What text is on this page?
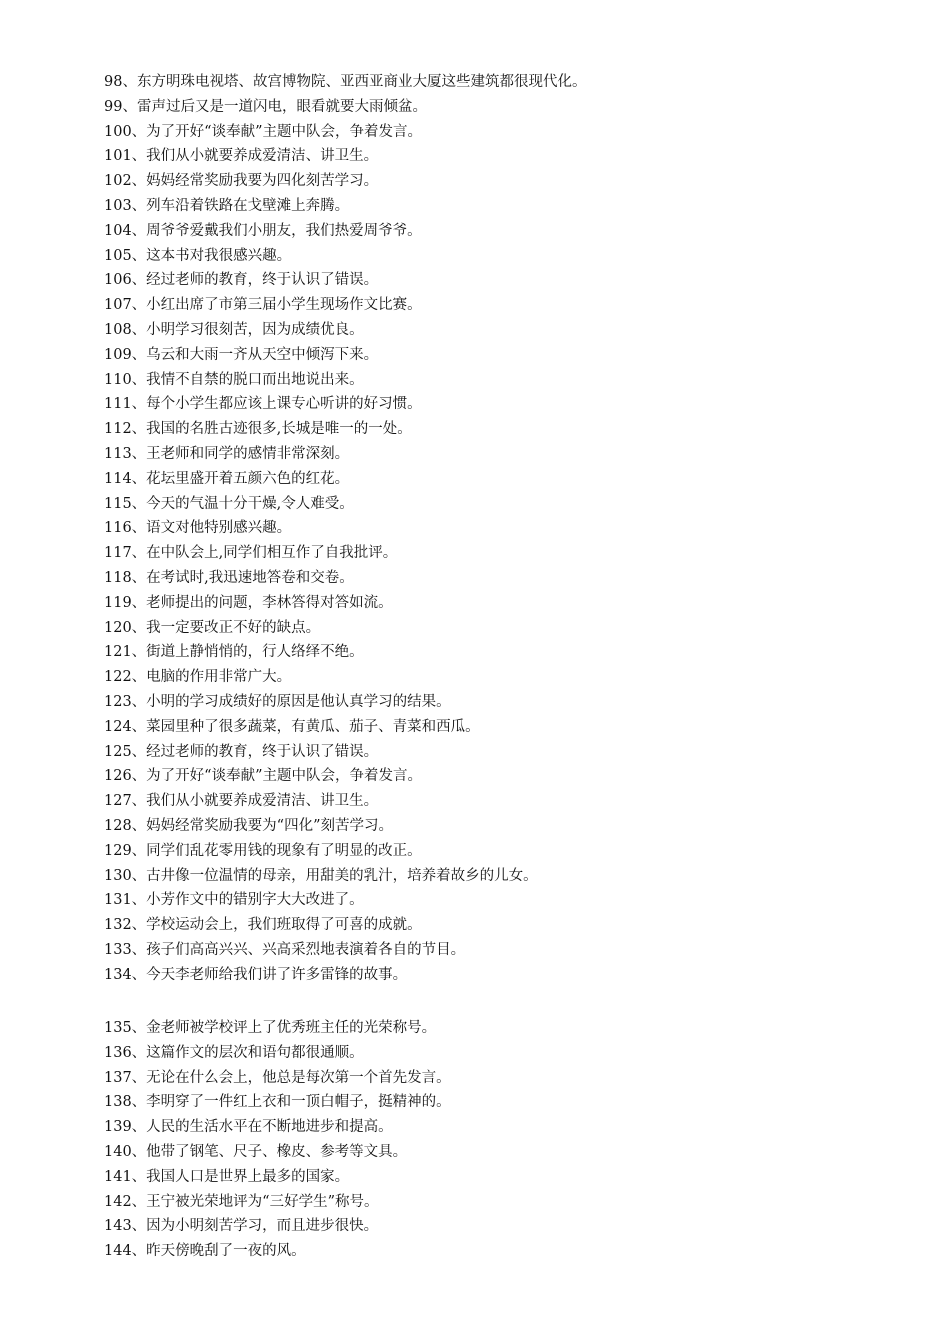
98、东方明珠电视塔、故宫博物院、亚西亚商业大厦这些建筑都很现代化。
99、雷声过后又是一道闪电，眼看就要大雨倾盆。
100、为了开好“谈奉献”主题中队会，争着发言。
101、我们从小就要养成爱清洁、讲卫生。
102、妈妈经常奖励我要为四化刻苦学习。
103、列车沿着铁路在戈壁滩上奔腾。
104、周爷爷爱戴我们小朋友，我们热爱周爷爷。
105、这本书对我很感兴趣。
106、经过老师的教育，终于认识了错误。
107、小红出席了市第三届小学生现场作文比赛。
108、小明学习很刻苦，因为成绩优良。
109、乌云和大雨一齐从天空中倾泻下来。
110、我情不自禁的脱口而出地说出来。
111、每个小学生都应该上课专心听讲的好习惯。
112、我国的名胜古迹很多,长城是唯一的一处。
113、王老师和同学的感情非常深刻。
114、花坛里盛开着五颜六色的红花。
115、今天的气温十分干燥,令人难受。
116、语文对他特别感兴趣。
117、在中队会上,同学们相互作了自我批评。
118、在考试时,我迅速地答卷和交卷。
119、老师提出的问题，李林答得对答如流。
120、我一定要改正不好的缺点。
121、街道上静悄悄的，行人络绎不绝。
122、电脑的作用非常广大。
123、小明的学习成绩好的原因是他认真学习的结果。
124、菜园里种了很多蔬菜，有黄瓜、茄子、青菜和西瓜。
125、经过老师的教育，终于认识了错误。
126、为了开好“谈奉献”主题中队会，争着发言。
127、我们从小就要养成爱清洁、讲卫生。
128、妈妈经常奖励我要为“四化”刻苦学习。
129、同学们乱花零用钱的现象有了明显的改正。
130、古井像一位温情的母亲，用甜美的乳汁，培养着故乡的儿女。
131、小芳作文中的错别字大大改进了。
132、学校运动会上，我们班取得了可喜的成就。
133、孩子们高高兴兴、兴高采烈地表演着各自的节目。
134、今天李老师给我们讲了许多雷锋的故事。
135、金老师被学校评上了优秀班主任的光荣称号。
136、这篇作文的层次和语句都很通顺。
137、无论在什么会上，他总是每次第一个首先发言。
138、李明穿了一件红上衣和一顶白帽子，挺精神的。
139、人民的生活水平在不断地进步和提高。
140、他带了钢笔、尺子、橡皮、参考等文具。
141、我国人口是世界上最多的国家。
142、王宁被光荣地评为“三好学生”称号。
143、因为小明刻苦学习，而且进步很快。
144、昨天傍晚刮了一夜的风。
